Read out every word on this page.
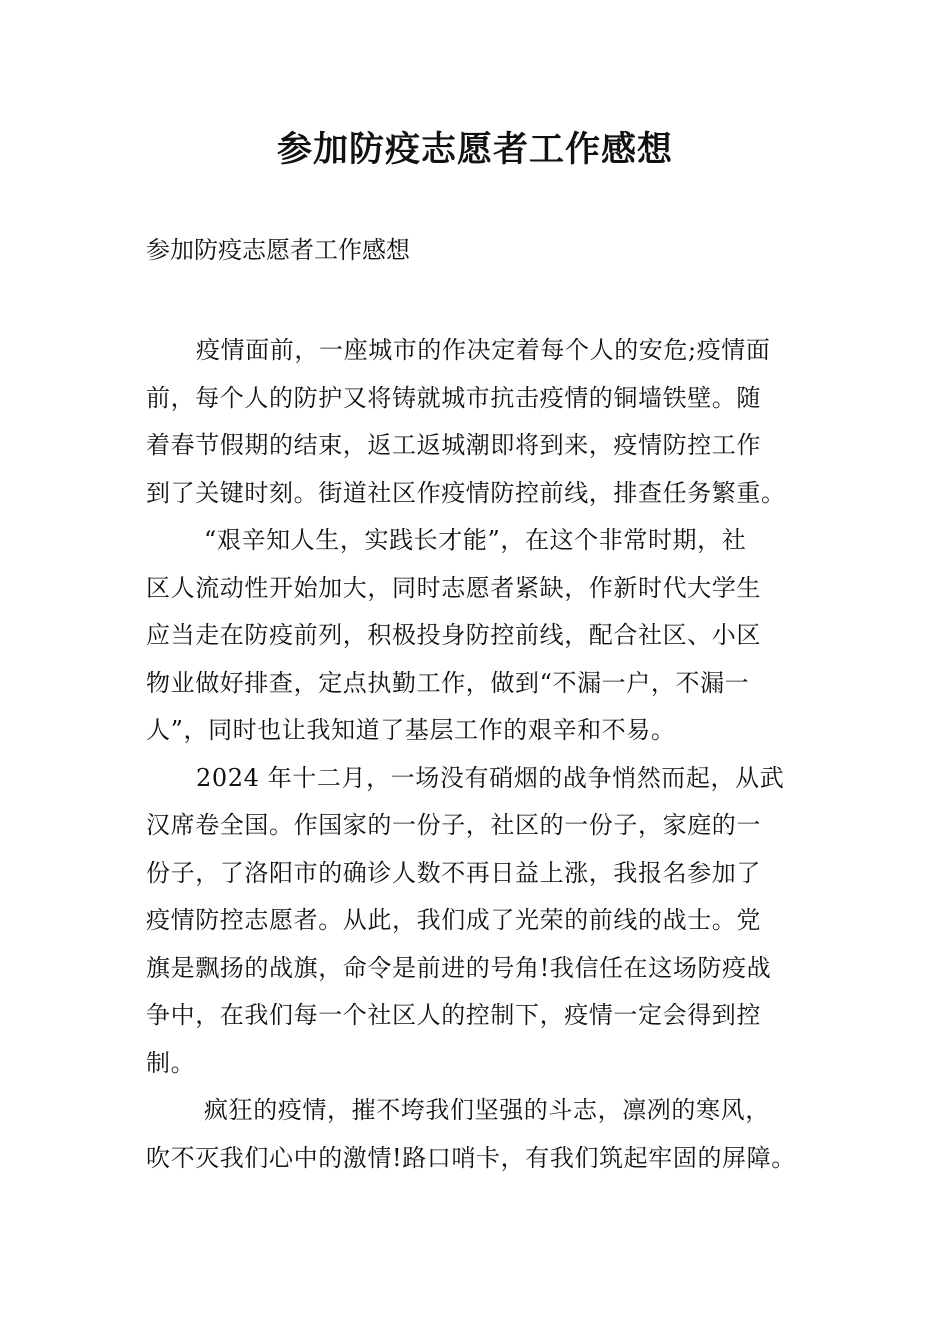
参加防疫志愿者工作感想

参加防疫志愿者工作感想

疫情面前，一座城市的作决定着每个人的安危;疫情面
前，每个人的防护又将铸就城市抗击疫情的铜墙铁壁。随
着春节假期的结束，返工返城潮即将到来，疫情防控工作
到了关键时刻。街道社区作疫情防控前线，排查任务繁重。

“艰辛知人生，实践长才能”，在这个非常时期，社
区人流动性开始加大，同时志愿者紧缺，作新时代大学生
应当走在防疫前列，积极投身防控前线，配合社区、小区
物业做好排查，定点执勤工作，做到“不漏一户，不漏一
人”，同时也让我知道了基层工作的艰辛和不易。

2024 年十二月，一场没有硝烟的战争悄然而起，从武
汉席卷全国。作国家的一份子，社区的一份子，家庭的一
份子，了洛阳市的确诊人数不再日益上涨，我报名参加了
疫情防控志愿者。从此，我们成了光荣的前线的战士。党
旗是飘扬的战旗，命令是前进的号角!我信任在这场防疫战
争中，在我们每一个社区人的控制下，疫情一定会得到控
制。

疯狂的疫情，摧不垮我们坚强的斗志，凛冽的寒风，
吹不灭我们心中的激情!路口哨卡，有我们筑起牢固的屏障。
